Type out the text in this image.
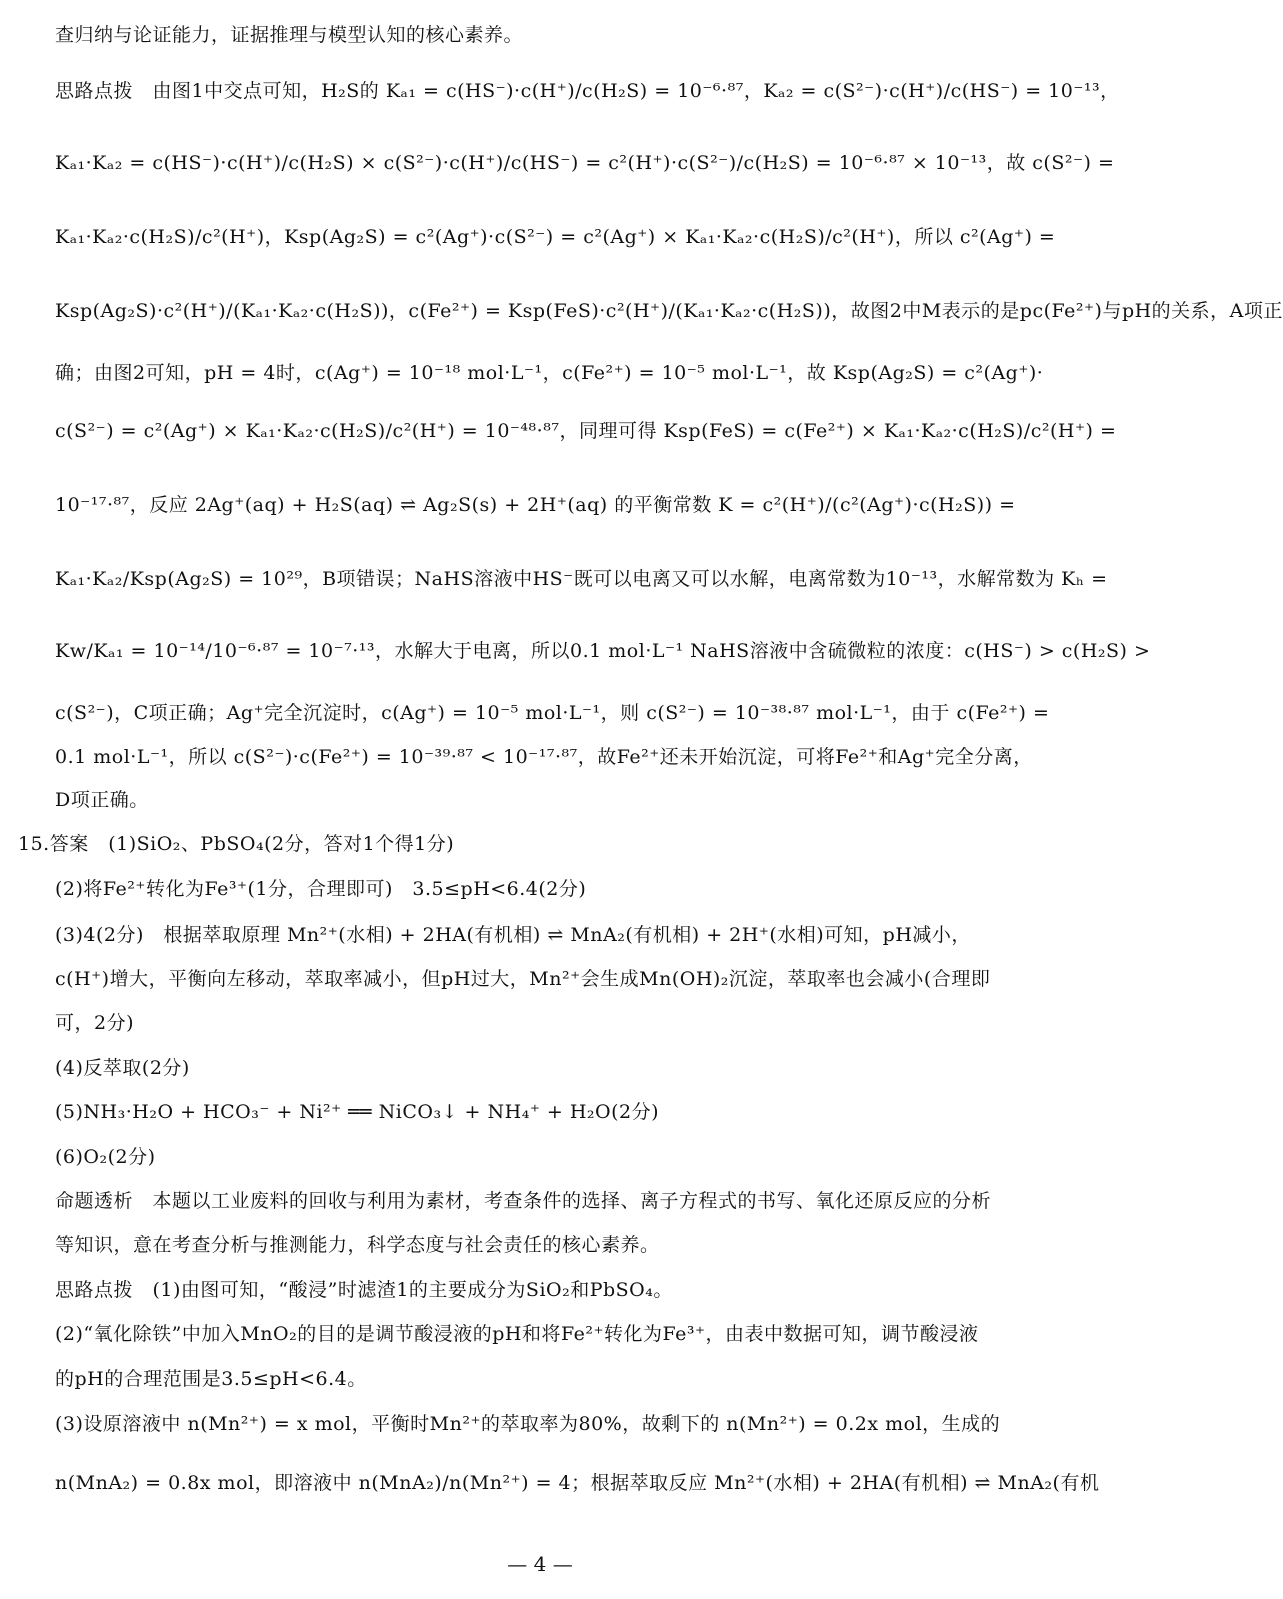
查归纳与论证能力，证据推理与模型认知的核心素养。
思路点拨　由图1中交点可知，H₂S的 Kₐ₁ = c(HS⁻)·c(H⁺)/c(H₂S) = 10⁻⁶·⁸⁷，Kₐ₂ = c(S²⁻)·c(H⁺)/c(HS⁻) = 10⁻¹³，
Kₐ₁·Kₐ₂ = c(HS⁻)·c(H⁺)/c(H₂S) × c(S²⁻)·c(H⁺)/c(HS⁻) = c²(H⁺)·c(S²⁻)/c(H₂S) = 10⁻⁶·⁸⁷ × 10⁻¹³，故 c(S²⁻) =
Kₐ₁·Kₐ₂·c(H₂S)/c²(H⁺)，Ksp(Ag₂S) = c²(Ag⁺)·c(S²⁻) = c²(Ag⁺) × Kₐ₁·Kₐ₂·c(H₂S)/c²(H⁺)，所以 c²(Ag⁺) =
Ksp(Ag₂S)·c²(H⁺)/(Kₐ₁·Kₐ₂·c(H₂S))，c(Fe²⁺) = Ksp(FeS)·c²(H⁺)/(Kₐ₁·Kₐ₂·c(H₂S))，故图2中M表示的是pc(Fe²⁺)与pH的关系，A项正
确；由图2可知，pH = 4时，c(Ag⁺) = 10⁻¹⁸ mol·L⁻¹，c(Fe²⁺) = 10⁻⁵ mol·L⁻¹，故 Ksp(Ag₂S) = c²(Ag⁺)·
c(S²⁻) = c²(Ag⁺) × Kₐ₁·Kₐ₂·c(H₂S)/c²(H⁺) = 10⁻⁴⁸·⁸⁷，同理可得 Ksp(FeS) = c(Fe²⁺) × Kₐ₁·Kₐ₂·c(H₂S)/c²(H⁺) =
10⁻¹⁷·⁸⁷，反应 2Ag⁺(aq) + H₂S(aq) ⇌ Ag₂S(s) + 2H⁺(aq) 的平衡常数 K = c²(H⁺)/(c²(Ag⁺)·c(H₂S)) =
Kₐ₁·Kₐ₂/Ksp(Ag₂S) = 10²⁹，B项错误；NaHS溶液中HS⁻既可以电离又可以水解，电离常数为10⁻¹³，水解常数为 Kₕ =
Kw/Kₐ₁ = 10⁻¹⁴/10⁻⁶·⁸⁷ = 10⁻⁷·¹³，水解大于电离，所以0.1 mol·L⁻¹ NaHS溶液中含硫微粒的浓度：c(HS⁻) > c(H₂S) >
c(S²⁻)，C项正确；Ag⁺完全沉淀时，c(Ag⁺) = 10⁻⁵ mol·L⁻¹，则 c(S²⁻) = 10⁻³⁸·⁸⁷ mol·L⁻¹，由于 c(Fe²⁺) =
0.1 mol·L⁻¹，所以 c(S²⁻)·c(Fe²⁺) = 10⁻³⁹·⁸⁷ < 10⁻¹⁷·⁸⁷，故Fe²⁺还未开始沉淀，可将Fe²⁺和Ag⁺完全分离，
D项正确。
15.答案　(1)SiO₂、PbSO₄(2分，答对1个得1分)
(2)将Fe²⁺转化为Fe³⁺(1分，合理即可)　3.5≤pH<6.4(2分)
(3)4(2分)　根据萃取原理 Mn²⁺(水相) + 2HA(有机相) ⇌ MnA₂(有机相) + 2H⁺(水相)可知，pH减小，
c(H⁺)增大，平衡向左移动，萃取率减小，但pH过大，Mn²⁺会生成Mn(OH)₂沉淀，萃取率也会减小(合理即
可，2分)
(4)反萃取(2分)
(5)NH₃·H₂O + HCO₃⁻ + Ni²⁺ ══ NiCO₃↓ + NH₄⁺ + H₂O(2分)
(6)O₂(2分)
命题透析　本题以工业废料的回收与利用为素材，考查条件的选择、离子方程式的书写、氧化还原反应的分析
等知识，意在考查分析与推测能力，科学态度与社会责任的核心素养。
思路点拨　(1)由图可知，“酸浸”时滤渣1的主要成分为SiO₂和PbSO₄。
(2)“氧化除铁”中加入MnO₂的目的是调节酸浸液的pH和将Fe²⁺转化为Fe³⁺，由表中数据可知，调节酸浸液
的pH的合理范围是3.5≤pH<6.4。
(3)设原溶液中 n(Mn²⁺) = x mol，平衡时Mn²⁺的萃取率为80%，故剩下的 n(Mn²⁺) = 0.2x mol，生成的
n(MnA₂) = 0.8x mol，即溶液中 n(MnA₂)/n(Mn²⁺) = 4；根据萃取反应 Mn²⁺(水相) + 2HA(有机相) ⇌ MnA₂(有机
— 4 —
